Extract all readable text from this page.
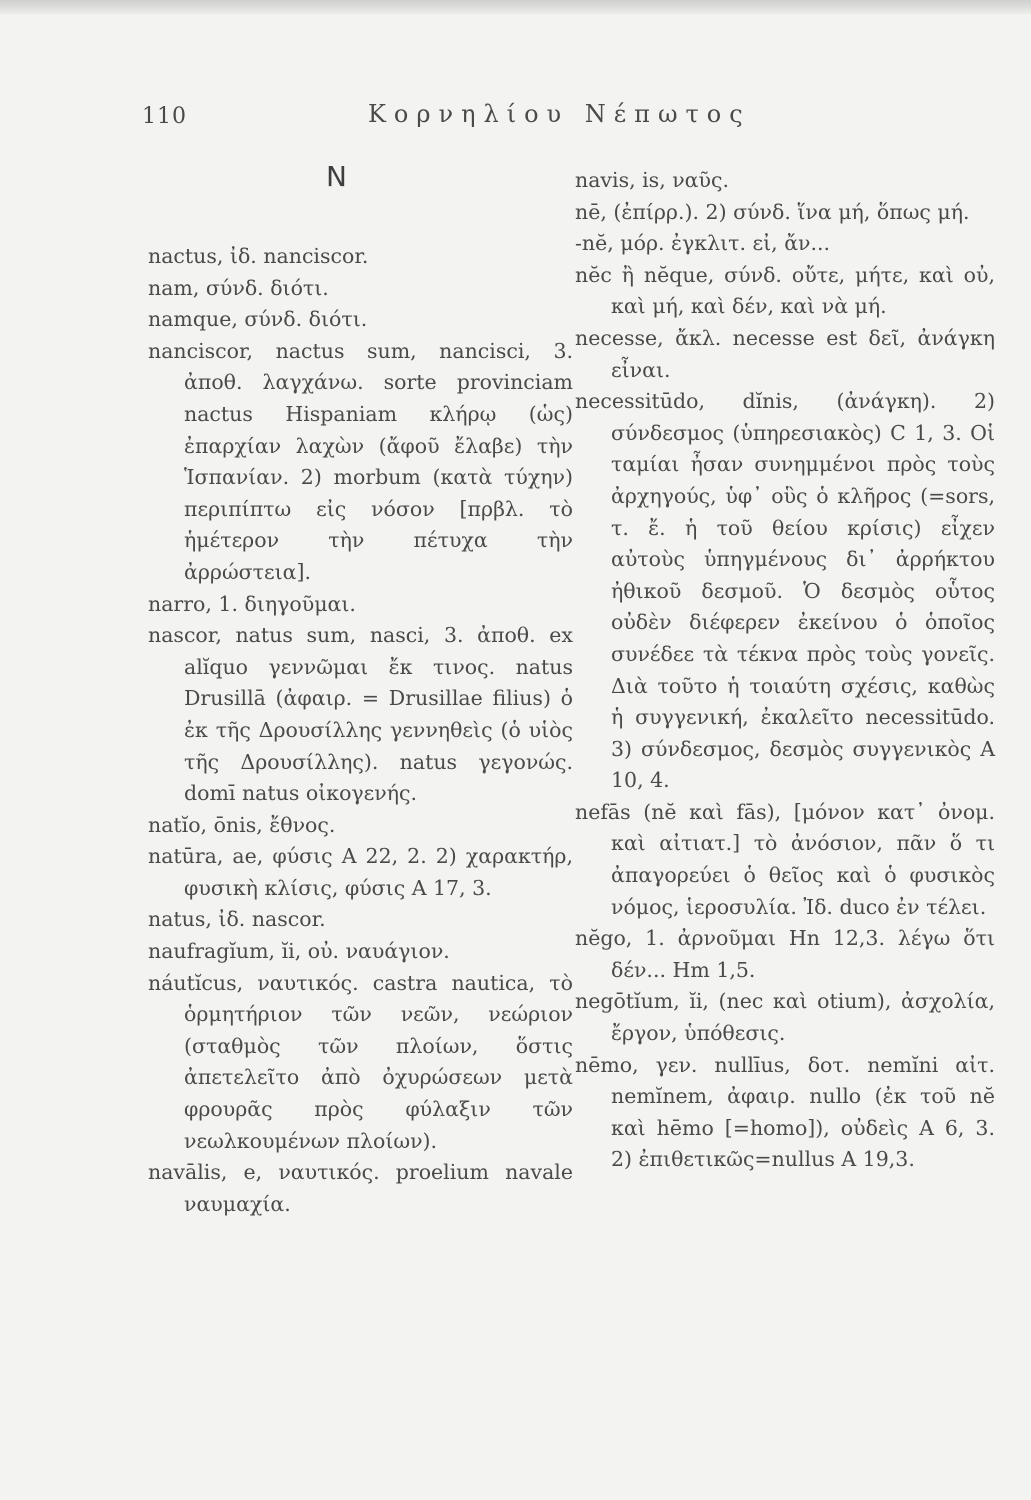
110	Κορνηλίου Νέπωτος
N

nactus, ἰδ. nanciscor.

nam, σύνδ. διότι.

namque, σύνδ. διότι.

nanciscor, nactus sum, nancisci, 3. ἀποθ. λαγχάνω. sorte provinciam nactus Hispaniam κλήρῳ (ὡς) ἐπαρχίαν λαχὼν (ἄφοῦ ἔλαβε) τὴν Ἱσπανίαν. 2) morbum (κατὰ τύχην) περιπίπτω εἰς νόσον [πρβλ. τὸ ἡμέτερον τὴν πέτυχα τὴν ἀρρώστεια].

narro, 1. διηγοῦμαι.

nascor, natus sum, nasci, 3. ἀποθ. ex alĭquo γεννῶμαι ἔκ τινος. natus Drusillā (ἀφαιρ. = Drusillae filius) ὁ ἐκ τῆς Δρουσίλλης γεννηθεὶς (ὁ υἱὸς τῆς Δρουσίλλης). natus γεγονώς. domī natus οἰκογενής.

natĭo, ōnis, ἔθνος.

natūra, ae, φύσις A 22, 2. 2) χαρακτήρ, φυσικὴ κλίσις, φύσις A 17, 3.

natus, ἰδ. nascor.

naufragĭum, ĭi, οὐ. ναυάγιον.

náutĭcus, ναυτικός. castra nautica, τὸ ὁρμητήριον τῶν νεῶν, νεώριον (σταθμὸς τῶν πλοίων, ὅστις ἀπετελεῖτο ἀπὸ ὀχυρώσεων μετὰ φρουρᾶς πρὸς φύλαξιν τῶν νεωλκουμένων πλοίων).

navālis, e, ναυτικός. proelium navale ναυμαχία.

navis, is, ναῦς.

nē, (ἐπίρρ.). 2) σύνδ. ἵνα μή, ὅπως μή.

-nĕ, μόρ. ἐγκλιτ. εἰ, ἄν...

nĕc ἢ nĕque, σύνδ. οὔτε, μήτε, καὶ οὐ, καὶ μή, καὶ δέν, καὶ νὰ μή.

necesse, ἄκλ. necesse est δεῖ, ἀνάγκη εἶναι.

necessitūdo, dĭnis, (ἀνάγκη). 2) σύνδεσμος (ὑπηρεσιακὸς) C 1, 3. Οἱ ταμίαι ἦσαν συνημμένοι πρὸς τοὺς ἀρχηγούς, ὑφ᾽ οὓς ὁ κλῆρος (=sors, τ. ἔ. ἡ τοῦ θείου κρίσις) εἶχεν αὐτοὺς ὑπηγμένους δι᾽ ἀρρήκτου ἠθικοῦ δεσμοῦ. Ὁ δεσμὸς οὗτος οὐδὲν διέφερεν ἐκείνου ὁ ὁποῖος συνέδεε τὰ τέκνα πρὸς τοὺς γονεῖς. Διὰ τοῦτο ἡ τοιαύτη σχέσις, καθὼς ἡ συγγενική, ἐκαλεῖτο necessitūdo. 3) σύνδεσμος, δεσμὸς συγγενικὸς A 10, 4.

nefās (nĕ καὶ fās), [μόνον κατ᾽ ὀνομ. καὶ αἰτιατ.] τὸ ἀνόσιον, πᾶν ὅ τι ἀπαγορεύει ὁ θεῖος καὶ ὁ φυσικὸς νόμος, ἱεροσυλία. Ἰδ. duco ἐν τέλει.

nĕgo, 1. ἀρνοῦμαι Hn 12,3. λέγω ὅτι δέν... Hm 1,5.

negōtĭum, ĭi, (nec καὶ otium), ἀσχολία, ἔργον, ὑπόθεσις.

nēmo, γεν. nullīus, δοτ. nemĭni αἰτ. nemĭnem, ἀφαιρ. nullo (ἐκ τοῦ nĕ καὶ hēmo [=homo]), οὐδεὶς A 6, 3. 2) ἐπιθετικῶς=nullus A 19,3.
